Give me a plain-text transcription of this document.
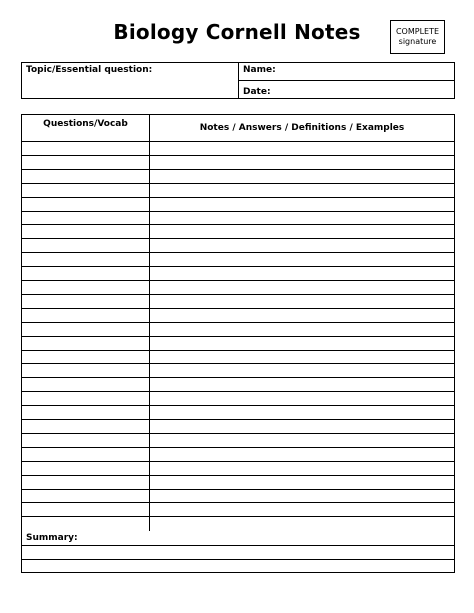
Biology Cornell Notes	COMPLETE
signature
Topic/Essential question:	Name:
Date:
Questions/Vocab	Notes / Answers / Definitions / Examples
Summary:
